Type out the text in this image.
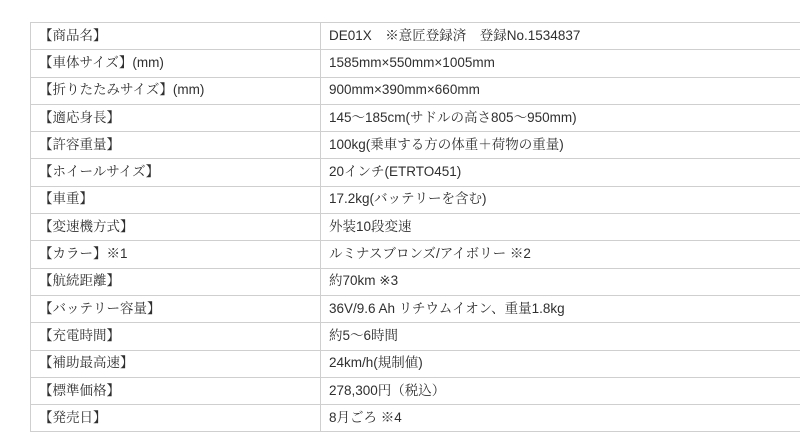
【商品名】	DE01X　※意匠登録済　登録No.1534837
【車体サイズ】(mm)	1585mm×550mm×1005mm
【折りたたみサイズ】(mm)	900mm×390mm×660mm
【適応身長】	145〜185cm(サドルの高さ805〜950mm)
【許容重量】	100kg(乗車する方の体重＋荷物の重量)
【ホイールサイズ】	20インチ(ETRTO451)
【車重】	17.2kg(バッテリーを含む)
【変速機方式】	外装10段変速
【カラー】※1	ルミナスブロンズ/アイボリー ※2
【航続距離】	約70km ※3
【バッテリー容量】	36V/9.6 Ah リチウムイオン、重量1.8kg
【充電時間】	約5〜6時間
【補助最高速】	24km/h(規制値)
【標準価格】	278,300円（税込）
【発売日】	8月ごろ ※4
